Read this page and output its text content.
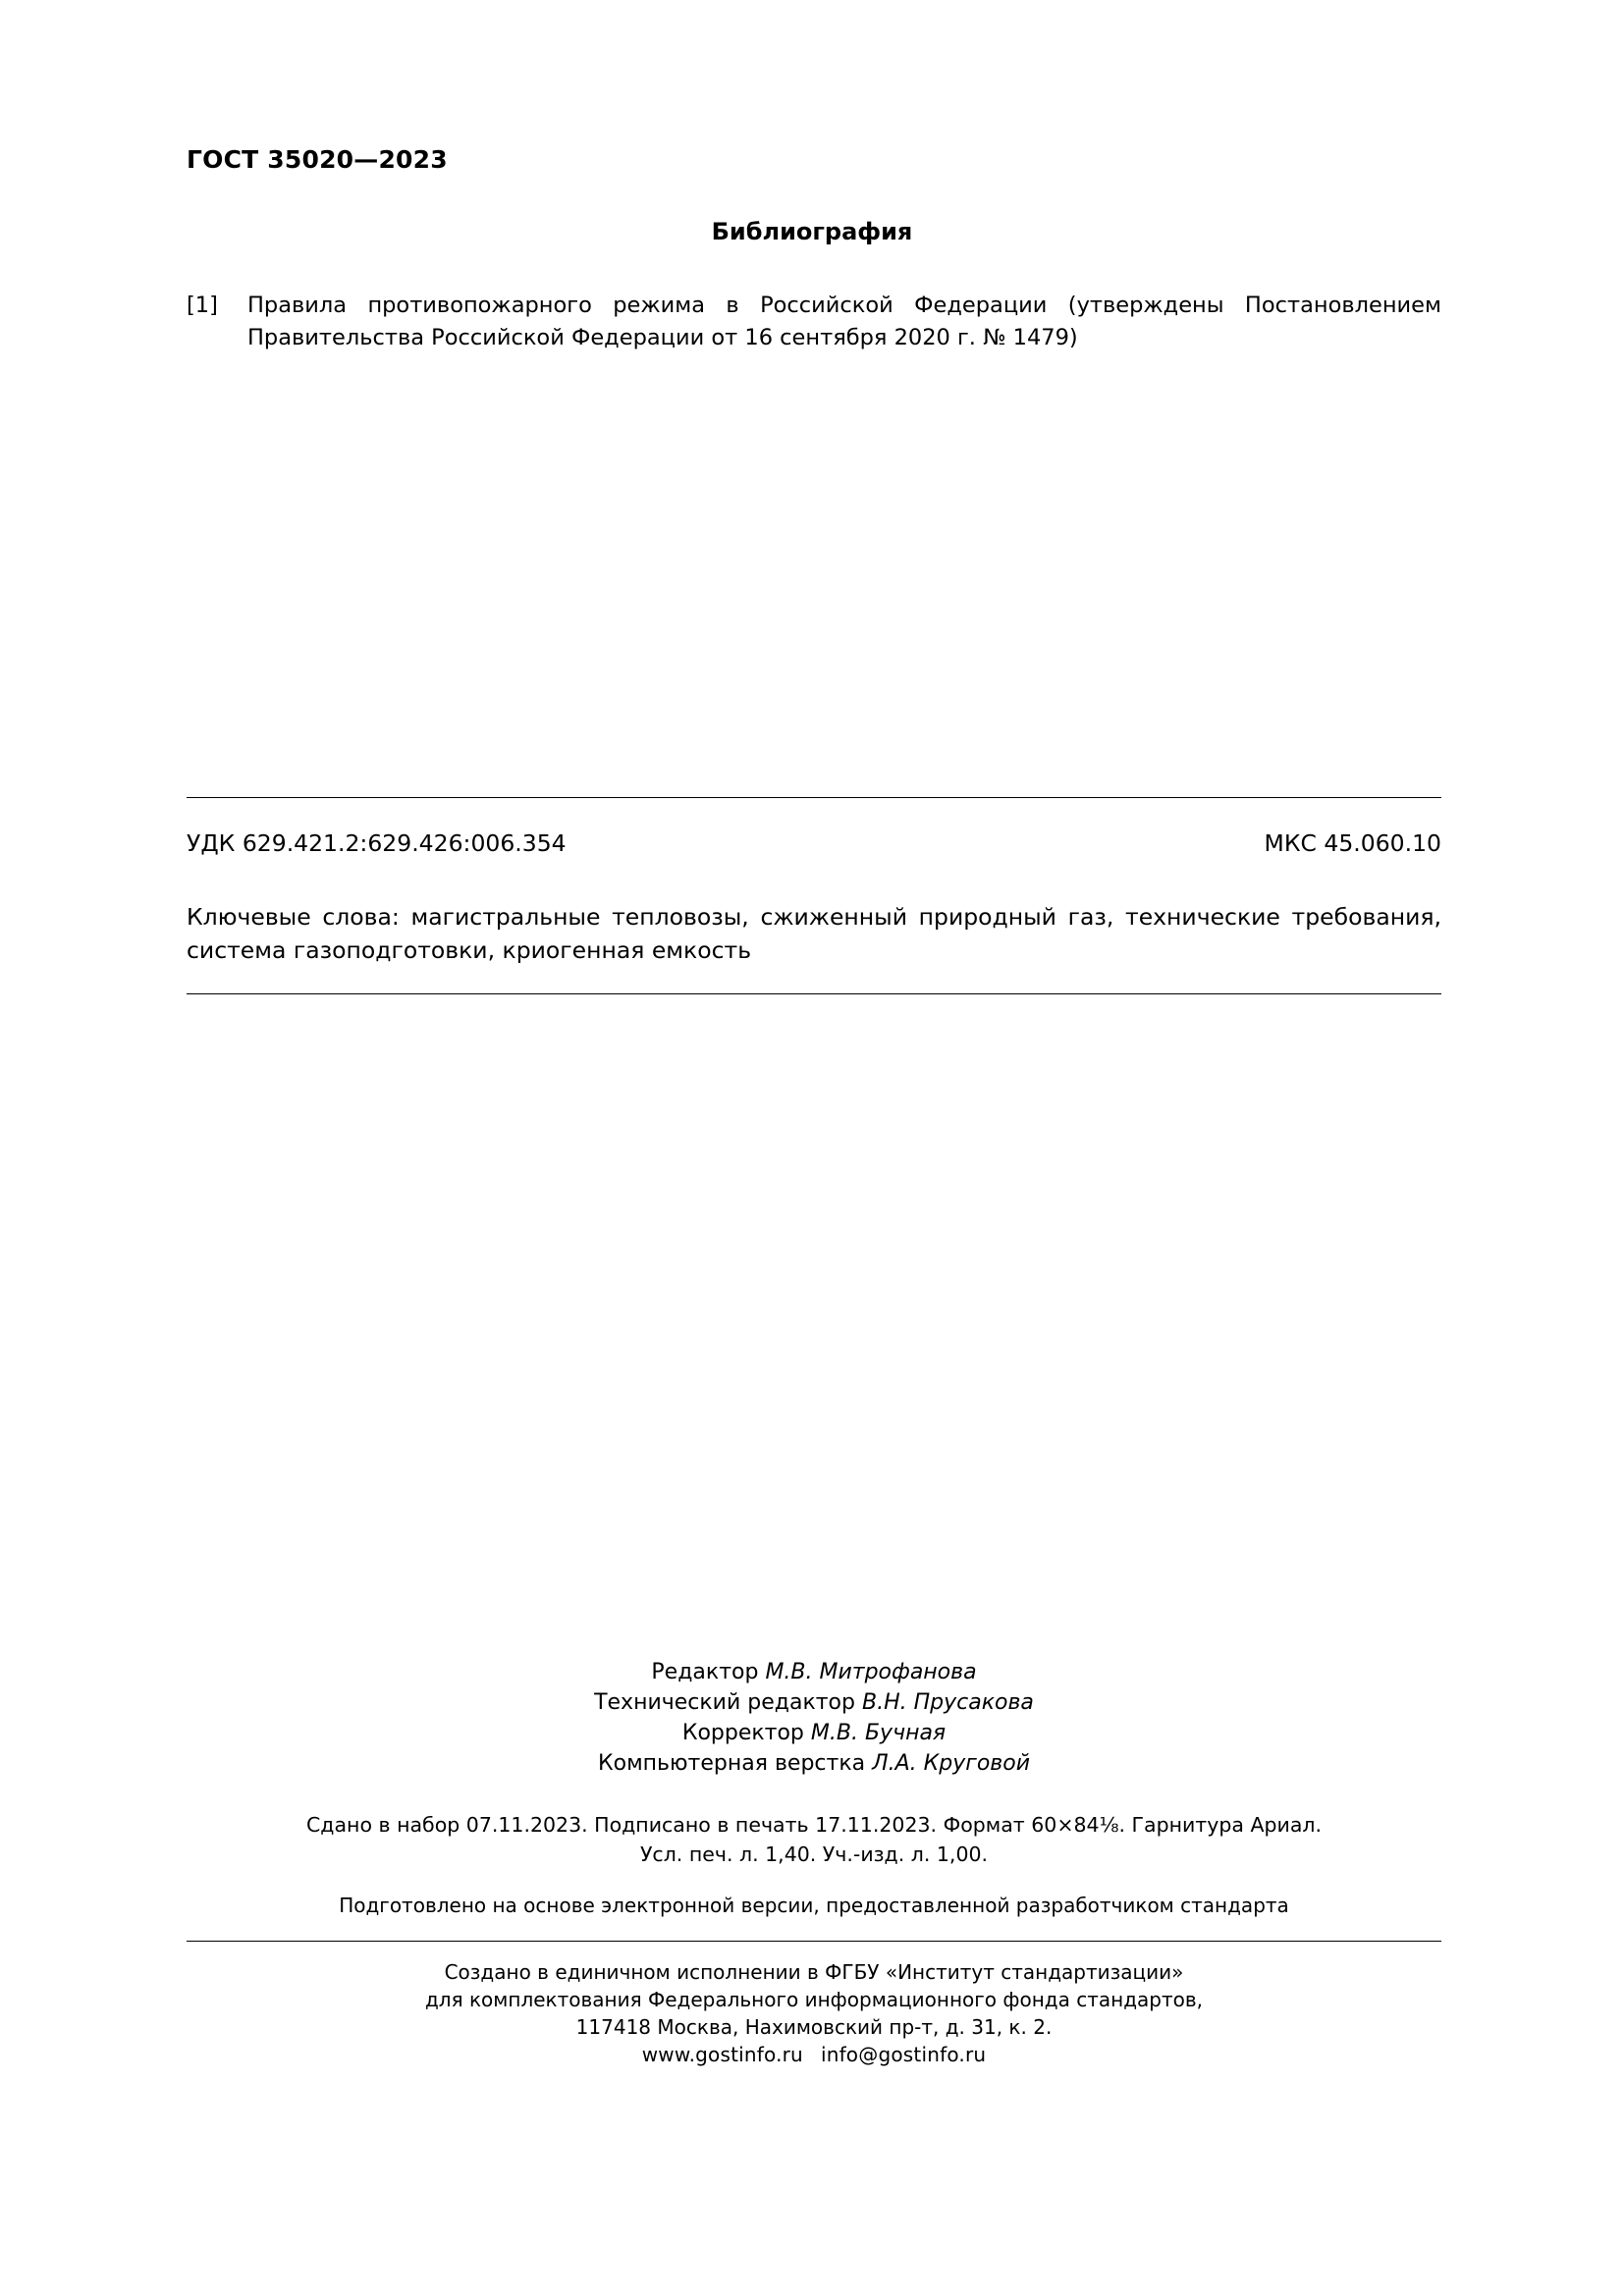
ГОСТ 35020—2023
Библиография
[1]	Правила противопожарного режима в Российской Федерации (утверждены Постановлением Правительства Российской Федерации от 16 сентября 2020 г. № 1479)
УДК 629.421.2:629.426:006.354	МКС 45.060.10
Ключевые слова: магистральные тепловозы, сжиженный природный газ, технические требования, система газоподготовки, криогенная емкость
Редактор М.В. Митрофанова
Технический редактор В.Н. Прусакова
Корректор М.В. Бучная
Компьютерная верстка Л.А. Круговой
Сдано в набор 07.11.2023. Подписано в печать 17.11.2023. Формат 60×84⅛. Гарнитура Ариал.
Усл. печ. л. 1,40. Уч.-изд. л. 1,00.
Подготовлено на основе электронной версии, предоставленной разработчиком стандарта
Создано в единичном исполнении в ФГБУ «Институт стандартизации»
для комплектования Федерального информационного фонда стандартов,
117418 Москва, Нахимовский пр-т, д. 31, к. 2.
www.gostinfo.ru info@gostinfo.ru
